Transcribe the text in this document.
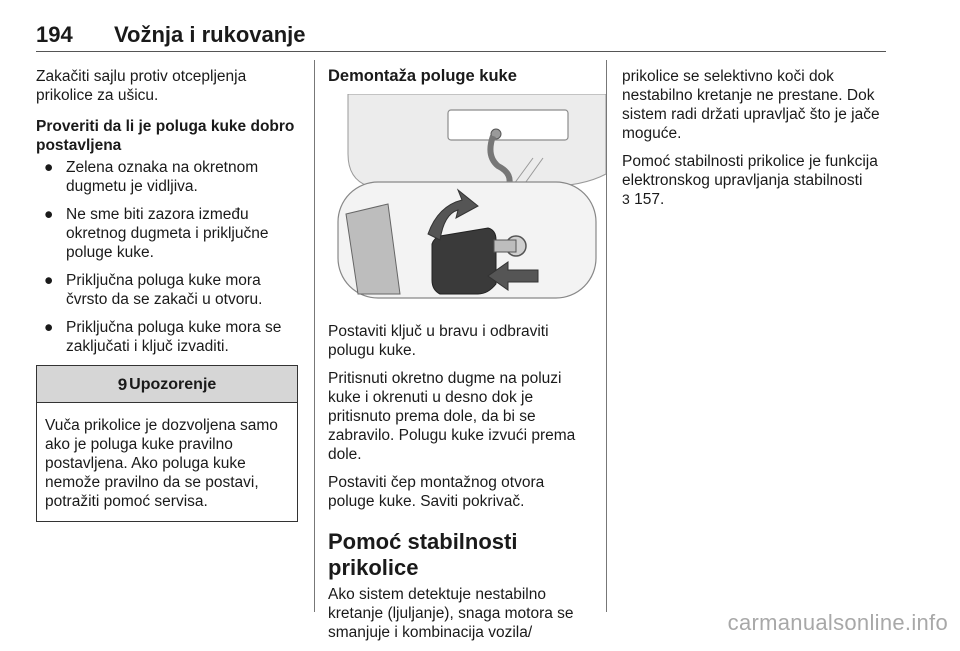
194 Vožnja i rukovanje

Zakačiti sajlu protiv otcepljenja prikolice za ušicu.

Proveriti da li je poluga kuke dobro postavljena

● Zelena oznaka na okretnom dugmetu je vidljiva.
● Ne sme biti zazora između okretnog dugmeta i priključne poluge kuke.
● Priključna poluga kuke mora čvrsto da se zakači u otvoru.
● Priključna poluga kuke mora se zaključati i ključ izvaditi.
9 Upozorenje
Vuča prikolice je dozvoljena samo ako je poluga kuke pravilno postavljena. Ako poluga kuke nemože pravilno da se postavi, potražiti pomoć servisa.
Demontaža poluge kuke

Postaviti ključ u bravu i odbraviti polugu kuke.

Pritisnuti okretno dugme na poluzi kuke i okrenuti u desno dok je pritisnuto prema dole, da bi se zabravilo. Polugu kuke izvući prema dole.

Postaviti čep montažnog otvora poluge kuke. Saviti pokrivač.

Pomoć stabilnosti prikolice

Ako sistem detektuje nestabilno kretanje (ljuljanje), snaga motora se smanjuje i kombinacija vozila/

prikolice se selektivno koči dok nestabilno kretanje ne prestane. Dok sistem radi držati upravljač što je jače moguće.

Pomoć stabilnosti prikolice je funkcija elektronskog upravljanja stabilnosti
3 157.

carmanualsonline.info
